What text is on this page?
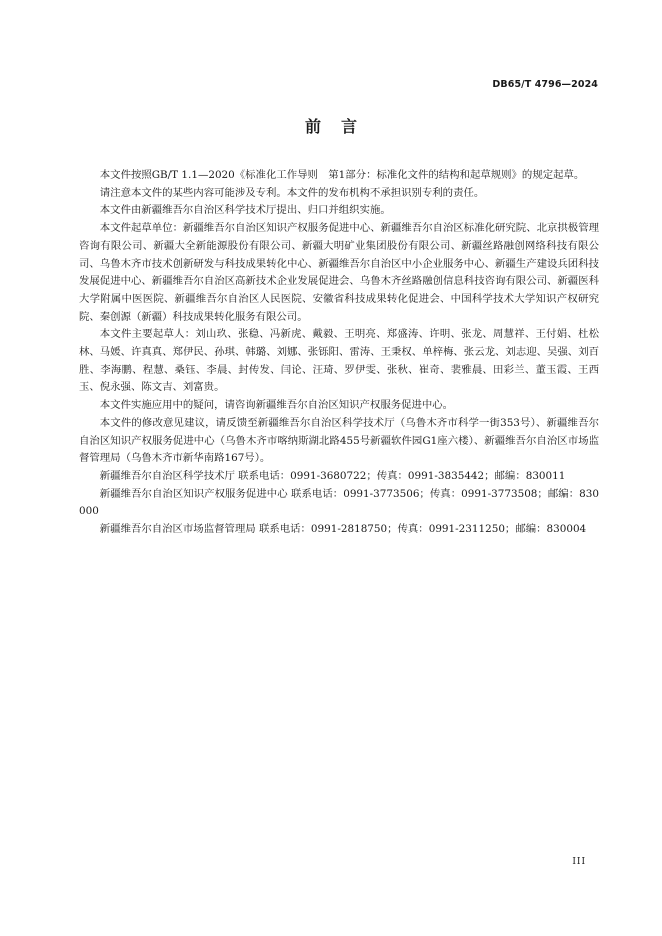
DB65/T 4796—2024
前言

本文件按照GB/T 1.1—2020《标准化工作导则　第1部分：标准化文件的结构和起草规则》的规定起草。

请注意本文件的某些内容可能涉及专利。本文件的发布机构不承担识别专利的责任。

本文件由新疆维吾尔自治区科学技术厅提出、归口并组织实施。

本文件起草单位：新疆维吾尔自治区知识产权服务促进中心、新疆维吾尔自治区标准化研究院、北京拱极管理咨询有限公司、新疆大全新能源股份有限公司、新疆大明矿业集团股份有限公司、新疆丝路融创网络科技有限公司、乌鲁木齐市技术创新研发与科技成果转化中心、新疆维吾尔自治区中小企业服务中心、新疆生产建设兵团科技发展促进中心、新疆维吾尔自治区高新技术企业发展促进会、乌鲁木齐丝路融创信息科技咨询有限公司、新疆医科大学附属中医医院、新疆维吾尔自治区人民医院、安徽省科技成果转化促进会、中国科学技术大学知识产权研究院、秦创源（新疆）科技成果转化服务有限公司。

本文件主要起草人：刘山玖、张稳、冯新虎、戴毅、王明亮、郑盛涛、许明、张龙、周慧祥、王付娟、杜松林、马媛、许真真、郑伊民、孙琪、韩璐、刘娜、张铄阳、雷涛、王秉权、单梓梅、张云龙、刘志迎、吴强、刘百胜、李海鹏、程慧、桑钰、李晨、封传发、闫论、汪琦、罗伊雯、张秋、崔奇、裴雅晨、田彩兰、董玉霞、王西玉、倪永强、陈文吉、刘富贵。

本文件实施应用中的疑问，请咨询新疆维吾尔自治区知识产权服务促进中心。

本文件的修改意见建议，请反馈至新疆维吾尔自治区科学技术厅（乌鲁木齐市科学一街353号）、新疆维吾尔自治区知识产权服务促进中心（乌鲁木齐市喀纳斯湖北路455号新疆软件园G1座六楼）、新疆维吾尔自治区市场监督管理局（乌鲁木齐市新华南路167号）。

新疆维吾尔自治区科学技术厅 联系电话：0991-3680722；传真：0991-3835442；邮编：830011

新疆维吾尔自治区知识产权服务促进中心 联系电话：0991-3773506；传真：0991-3773508；邮编：830000

新疆维吾尔自治区市场监督管理局 联系电话：0991-2818750；传真：0991-2311250；邮编：830004

III
